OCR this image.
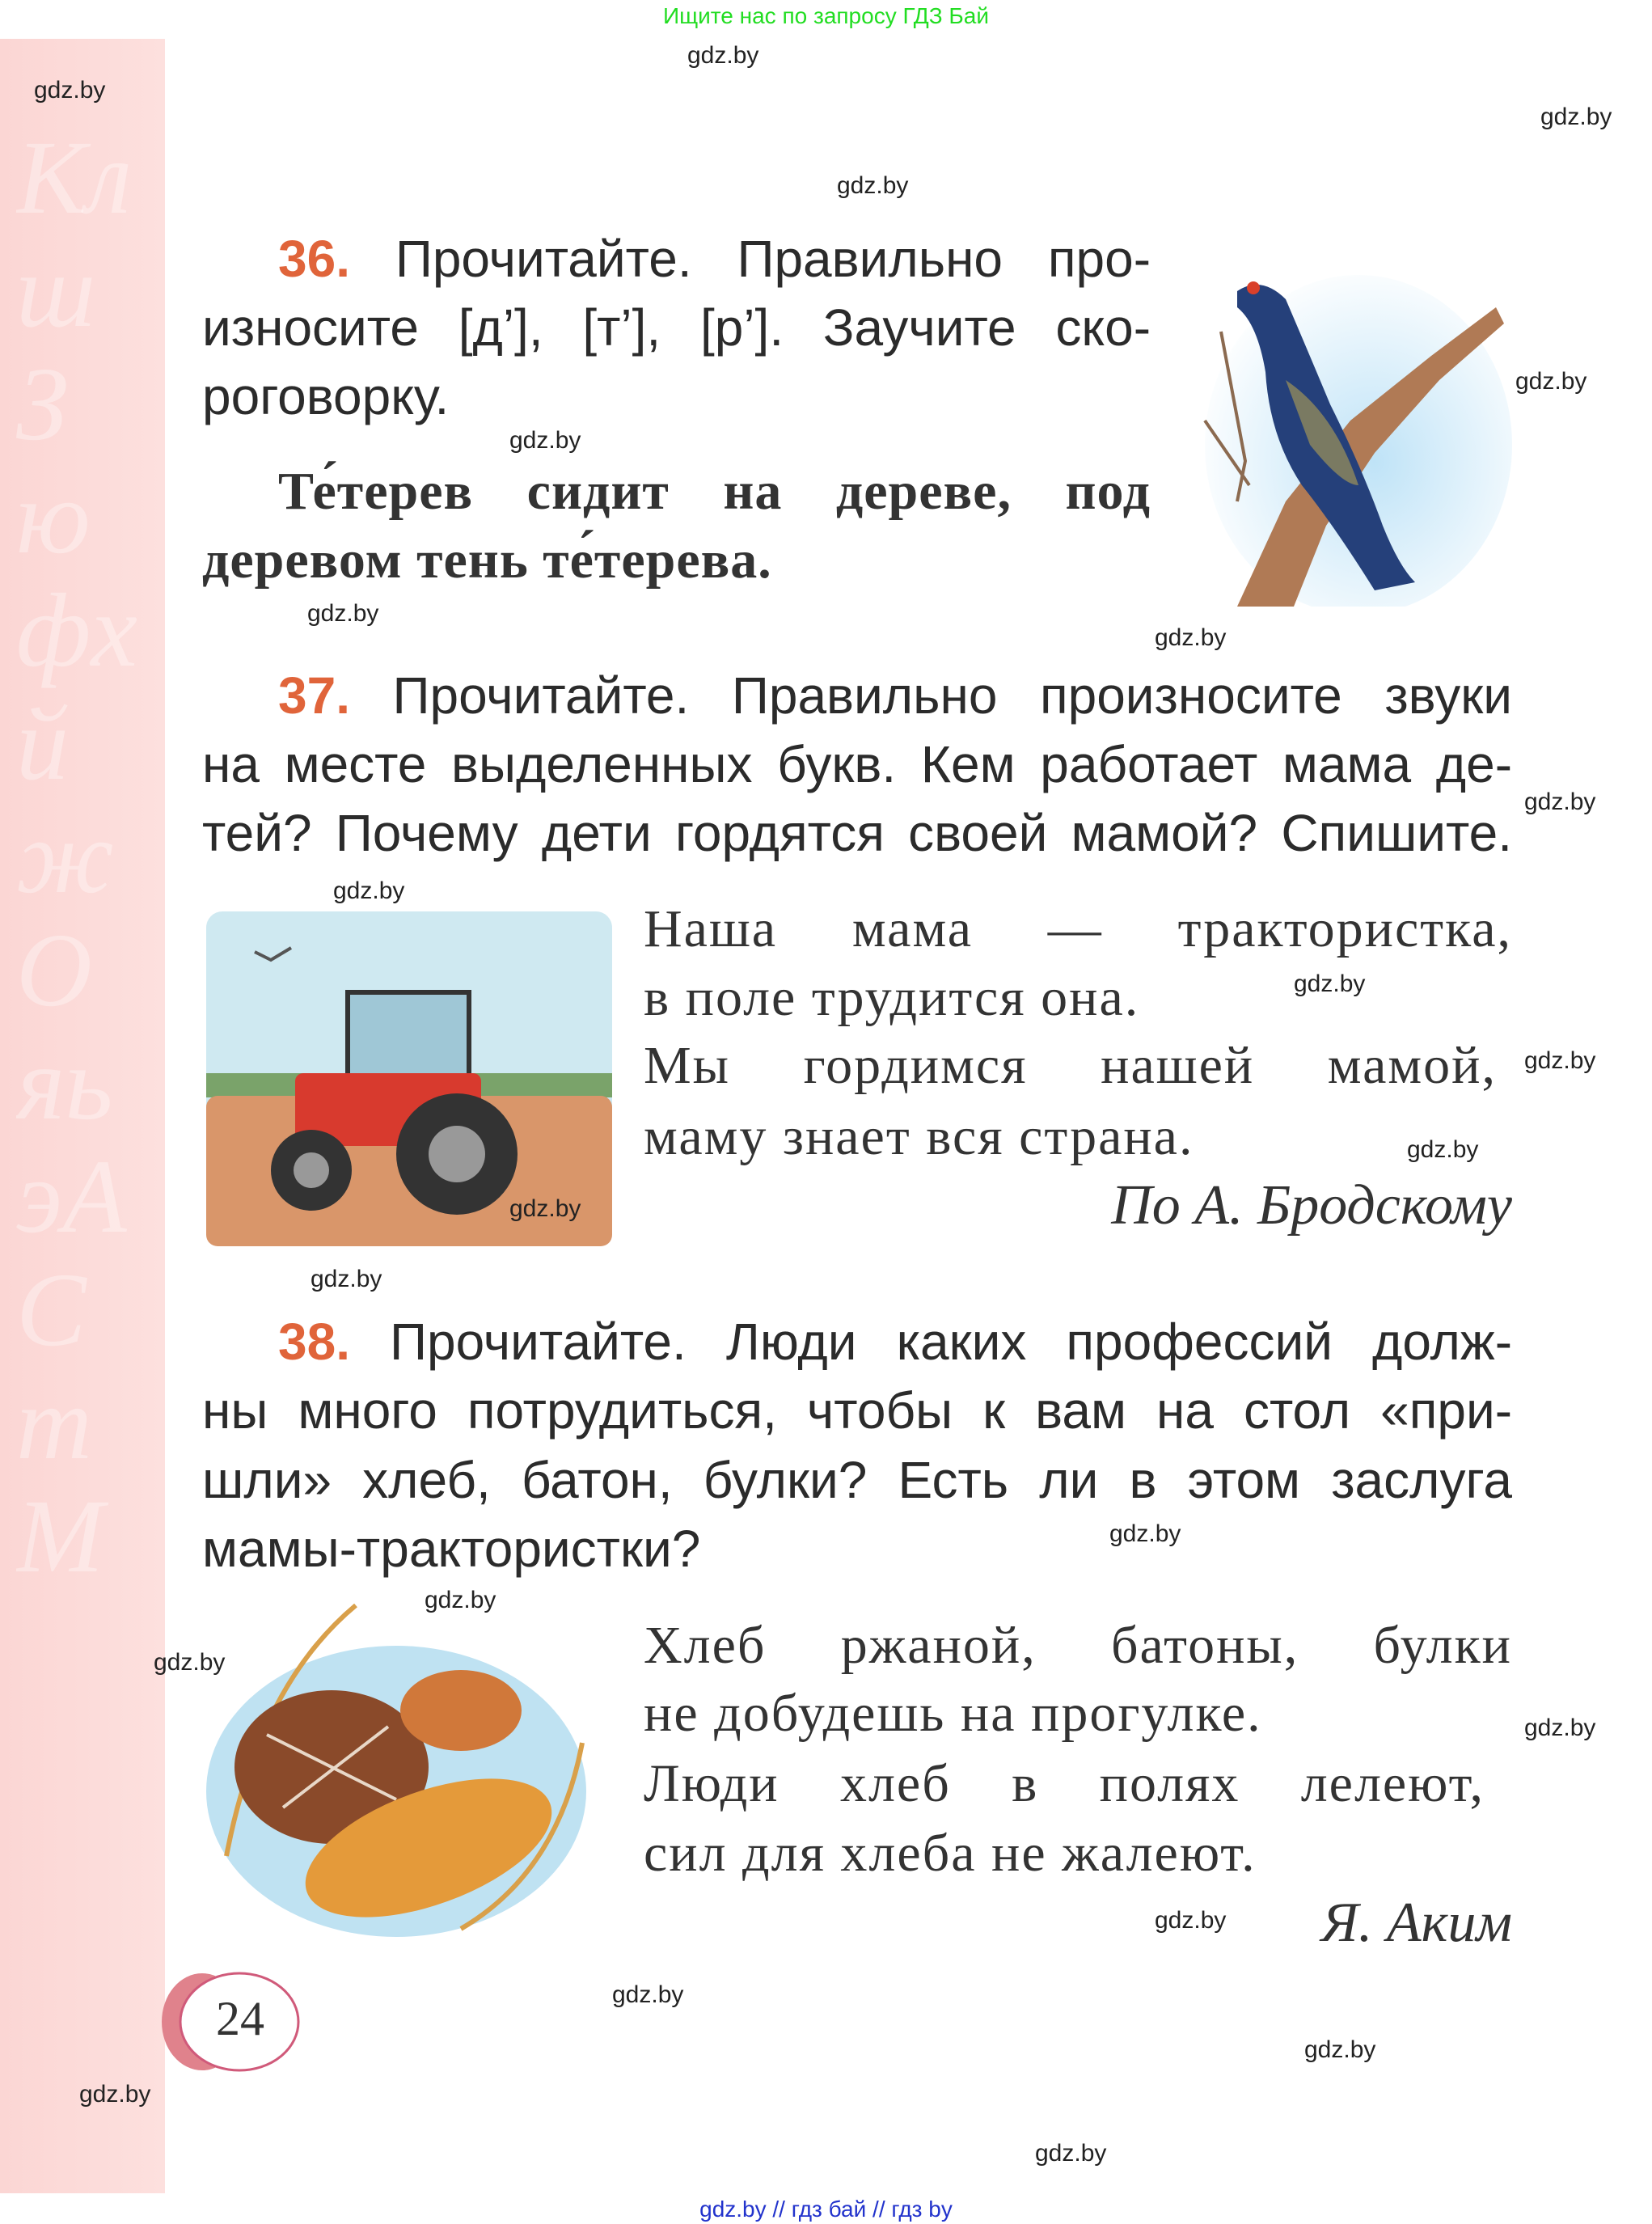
Ищите нас по запросу ГДЗ Бай
КлшЗюфхйжОяьэАСтМ
36. Прочитайте. Правильно про-
износите [д’], [т’], [р’]. Заучите ско-
роговорку.
Те́терев сидит на дереве, под
деревом тень те́терева.
37. Прочитайте. Правильно произносите звуки
на месте выделенных букв. Кем работает мама де-
тей? Почему дети гордятся своей мамой? Спишите.
Наша мама — трактористка,
в поле трудится она.
Мы гордимся нашей мамой,
маму знает вся страна.
По А. Бродскому
38. Прочитайте. Люди каких профессий долж-
ны много потрудиться, чтобы к вам на стол «при-
шли» хлеб, батон, булки? Есть ли в этом заслуга
мамы-трактористки?
Хлеб ржаной, батоны, булки
не добудешь на прогулке.
Люди хлеб в полях лелеют,
сил для хлеба не жалеют.
Я. Аким
24
gdz.by
gdz.by
gdz.by
gdz.by
gdz.by
gdz.by
gdz.by
gdz.by
gdz.by
gdz.by
gdz.by
gdz.by
gdz.by
gdz.by
gdz.by
gdz.by
gdz.by
gdz.by
gdz.by
gdz.by
gdz.by
gdz.by
gdz.by
gdz.by
gdz.by // гдз бай // гдз by
